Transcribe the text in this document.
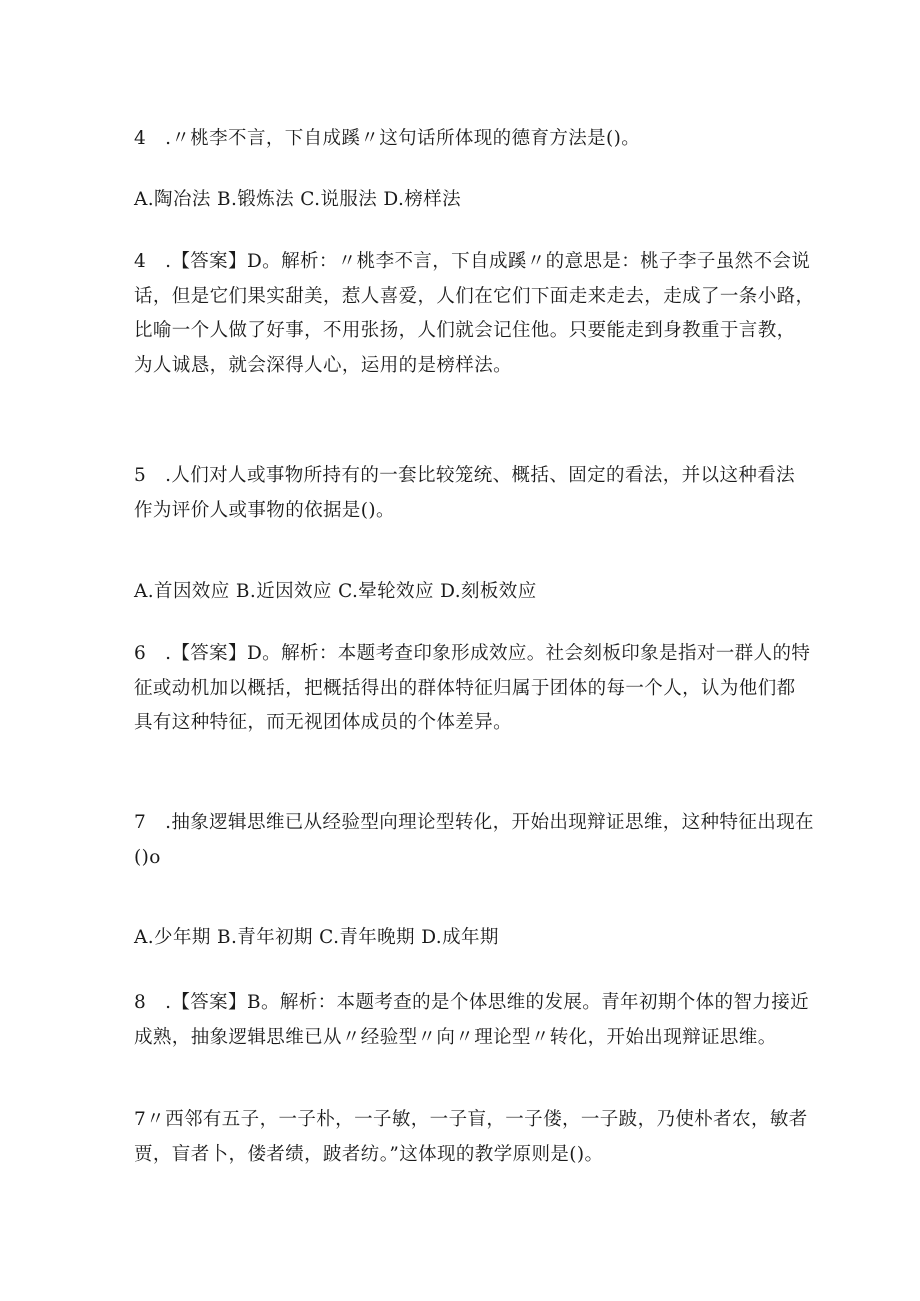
4　.〃桃李不言，下自成蹊〃这句话所体现的德育方法是()。

A.陶冶法 B.锻炼法 C.说服法 D.榜样法

4　.【答案】D。解析：〃桃李不言，下自成蹊〃的意思是：桃子李子虽然不会说
话，但是它们果实甜美，惹人喜爱，人们在它们下面走来走去，走成了一条小路，
比喻一个人做了好事，不用张扬，人们就会记住他。只要能走到身教重于言教，
为人诚恳，就会深得人心，运用的是榜样法。

5　.人们对人或事物所持有的一套比较笼统、概括、固定的看法，并以这种看法
作为评价人或事物的依据是()。

A.首因效应 B.近因效应 C.晕轮效应 D.刻板效应

6　.【答案】D。解析：本题考查印象形成效应。社会刻板印象是指对一群人的特
征或动机加以概括，把概括得出的群体特征归属于团体的每一个人，认为他们都
具有这种特征，而无视团体成员的个体差异。

7　.抽象逻辑思维已从经验型向理论型转化，开始出现辩证思维，这种特征出现在
()o

A.少年期 B.青年初期 C.青年晚期 D.成年期

8　.【答案】B。解析：本题考查的是个体思维的发展。青年初期个体的智力接近
成熟，抽象逻辑思维已从〃经验型〃向〃理论型〃转化，开始出现辩证思维。

7〃西邻有五子，一子朴，一子敏，一子盲，一子偻，一子跛，乃使朴者农，敏者
贾，盲者卜，偻者绩，跛者纺。”这体现的教学原则是()。
